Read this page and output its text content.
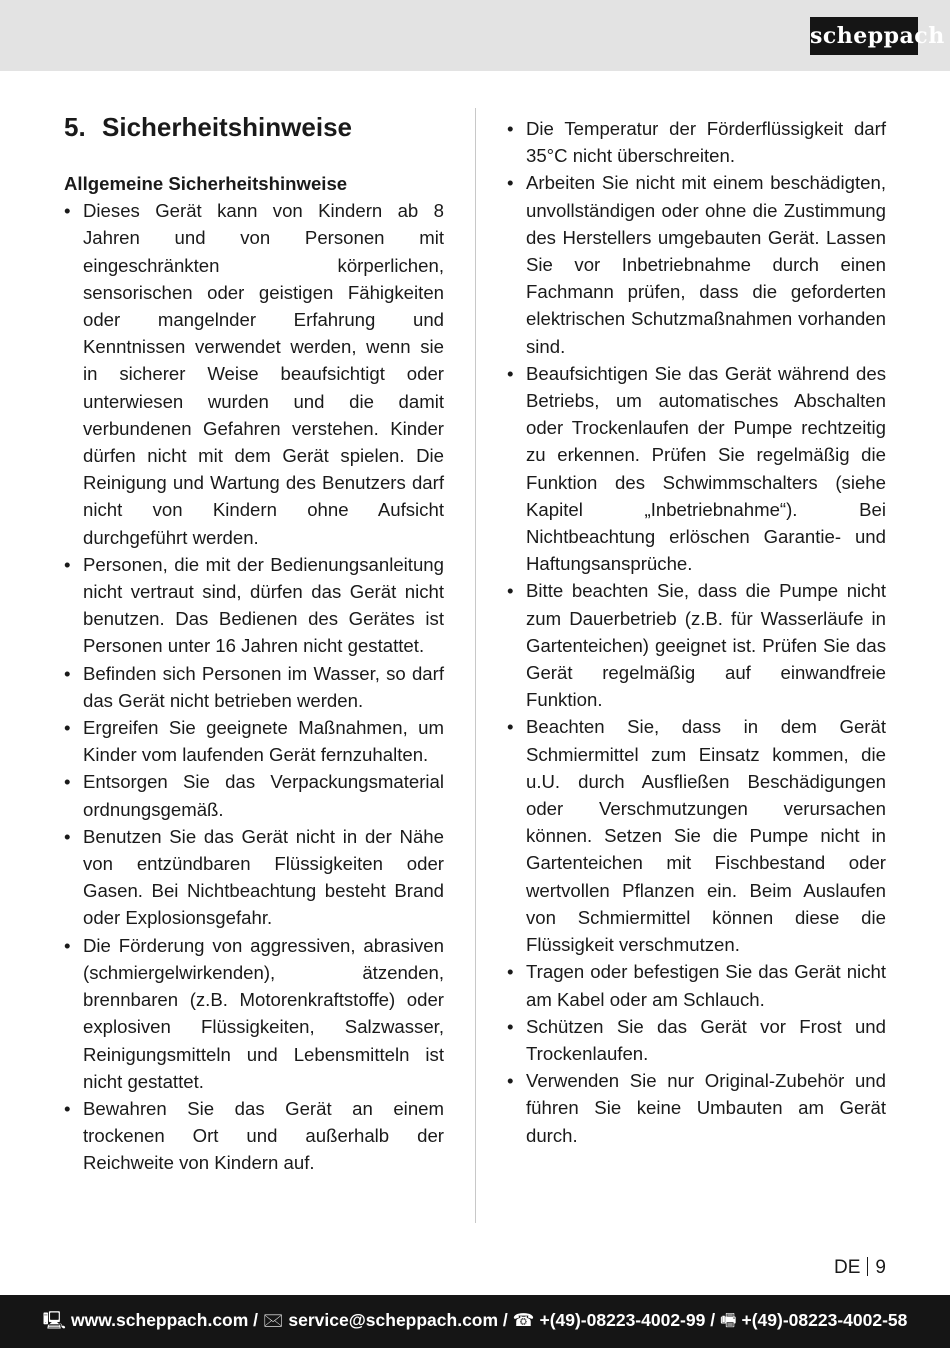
scheppach
5. Sicherheitshinweise

Allgemeine Sicherheitshinweise

• Dieses Gerät kann von Kindern ab 8 Jahren und von Personen mit eingeschränkten körperlichen, sensorischen oder geistigen Fähigkeiten oder mangelnder Erfahrung und Kenntnissen verwendet werden, wenn sie in sicherer Weise beaufsichtigt oder unterwiesen wurden und die damit verbundenen Gefahren verstehen. Kinder dürfen nicht mit dem Gerät spielen. Die Reinigung und Wartung des Benutzers darf nicht von Kindern ohne Aufsicht durchgeführt werden.
• Personen, die mit der Bedienungsanleitung nicht vertraut sind, dürfen das Gerät nicht benutzen. Das Bedienen des Gerätes ist Personen unter 16 Jahren nicht gestattet.
• Befinden sich Personen im Wasser, so darf das Gerät nicht betrieben werden.
• Ergreifen Sie geeignete Maßnahmen, um Kinder vom laufenden Gerät fernzuhalten.
• Entsorgen Sie das Verpackungsmaterial ordnungsgemäß.
• Benutzen Sie das Gerät nicht in der Nähe von entzündbaren Flüssigkeiten oder Gasen. Bei Nichtbeachtung besteht Brand oder Explosionsgefahr.
• Die Förderung von aggressiven, abrasiven (schmiergelwirkenden), ätzenden, brennbaren (z.B. Motorenkraftstoffe) oder explosiven Flüssigkeiten, Salzwasser, Reinigungsmitteln und Lebensmitteln ist nicht gestattet.
• Bewahren Sie das Gerät an einem trockenen Ort und außerhalb der Reichweite von Kindern auf.
• Die Temperatur der Förderflüssigkeit darf 35°C nicht überschreiten.
• Arbeiten Sie nicht mit einem beschädigten, unvollständigen oder ohne die Zustimmung des Herstellers umgebauten Gerät. Lassen Sie vor Inbetriebnahme durch einen Fachmann prüfen, dass die geforderten elektrischen Schutzmaßnahmen vorhanden sind.
• Beaufsichtigen Sie das Gerät während des Betriebs, um automatisches Abschalten oder Trockenlaufen der Pumpe rechtzeitig zu erkennen. Prüfen Sie regelmäßig die Funktion des Schwimmschalters (siehe Kapitel „Inbetriebnahme“). Bei Nichtbeachtung erlöschen Garantie- und Haftungsansprüche.
• Bitte beachten Sie, dass die Pumpe nicht zum Dauerbetrieb (z.B. für Wasserläufe in Gartenteichen) geeignet ist. Prüfen Sie das Gerät regelmäßig auf einwandfreie Funktion.
• Beachten Sie, dass in dem Gerät Schmiermittel zum Einsatz kommen, die u.U. durch Ausfließen Beschädigungen oder Verschmutzungen verursachen können. Setzen Sie die Pumpe nicht in Gartenteichen mit Fischbestand oder wertvollen Pflanzen ein. Beim Auslaufen von Schmiermittel können diese die Flüssigkeit verschmutzen.
• Tragen oder befestigen Sie das Gerät nicht am Kabel oder am Schlauch.
• Schützen Sie das Gerät vor Frost und Trockenlaufen.
• Verwenden Sie nur Original-Zubehör und führen Sie keine Umbauten am Gerät durch.
DE 9
🖳 www.scheppach.com / 🖂 service@scheppach.com / ☎ +(49)-08223-4002-99 / 🖷 +(49)-08223-4002-58
